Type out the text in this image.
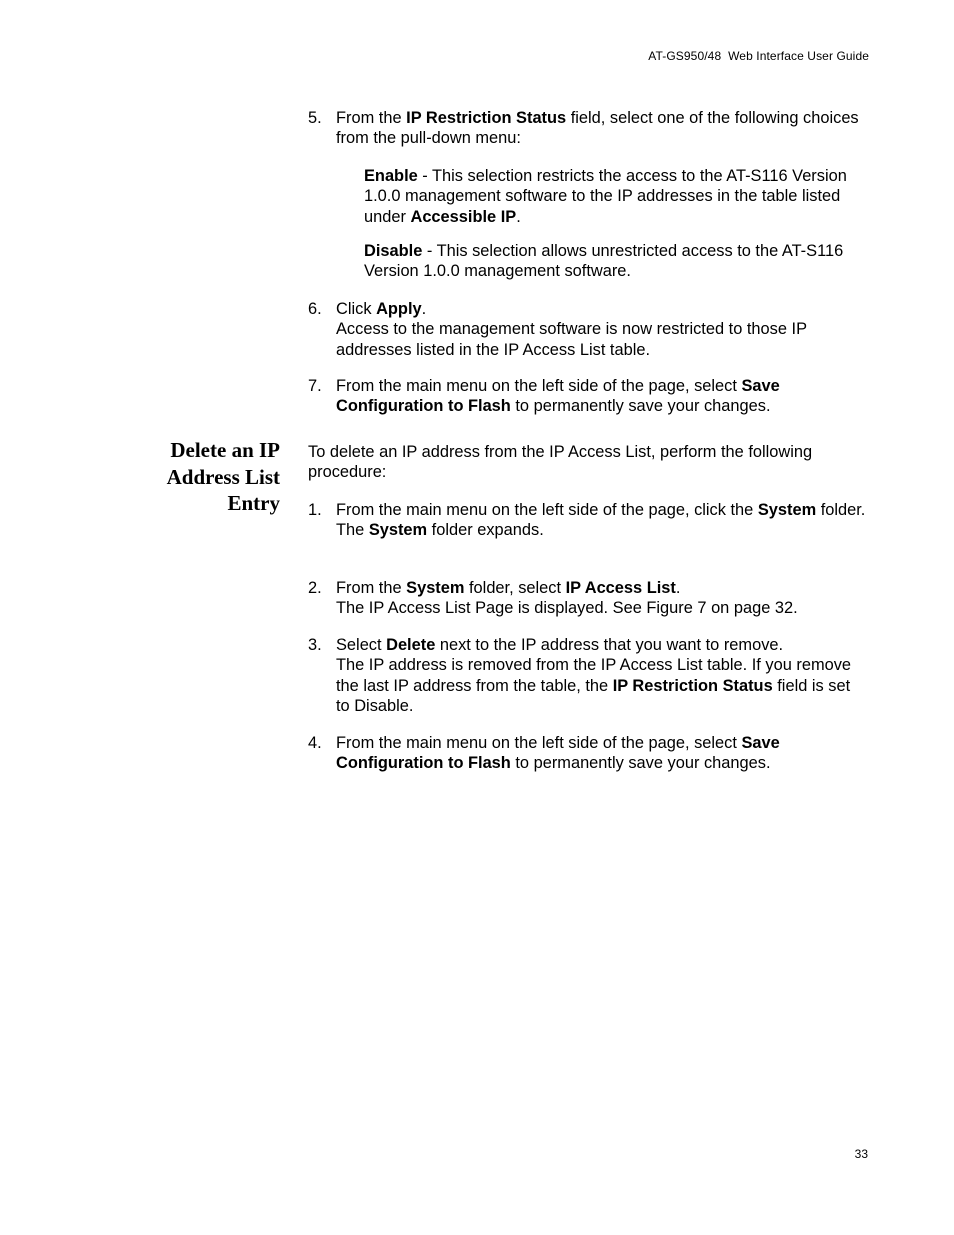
AT-GS950/48  Web Interface User Guide
5. From the IP Restriction Status field, select one of the following choices from the pull-down menu:
Enable - This selection restricts the access to the AT-S116 Version 1.0.0 management software to the IP addresses in the table listed under Accessible IP.
Disable - This selection allows unrestricted access to the AT-S116 Version 1.0.0 management software.
6. Click Apply.
Access to the management software is now restricted to those IP addresses listed in the IP Access List table.
7. From the main menu on the left side of the page, select Save Configuration to Flash to permanently save your changes.
Delete an IP
Address List
Entry
To delete an IP address from the IP Access List, perform the following procedure:
1. From the main menu on the left side of the page, click the System folder.
The System folder expands.
2. From the System folder, select IP Access List.
The IP Access List Page is displayed. See Figure 7 on page 32.
3. Select Delete next to the IP address that you want to remove.
The IP address is removed from the IP Access List table. If you remove the last IP address from the table, the IP Restriction Status field is set to Disable.
4. From the main menu on the left side of the page, select Save Configuration to Flash to permanently save your changes.
33
